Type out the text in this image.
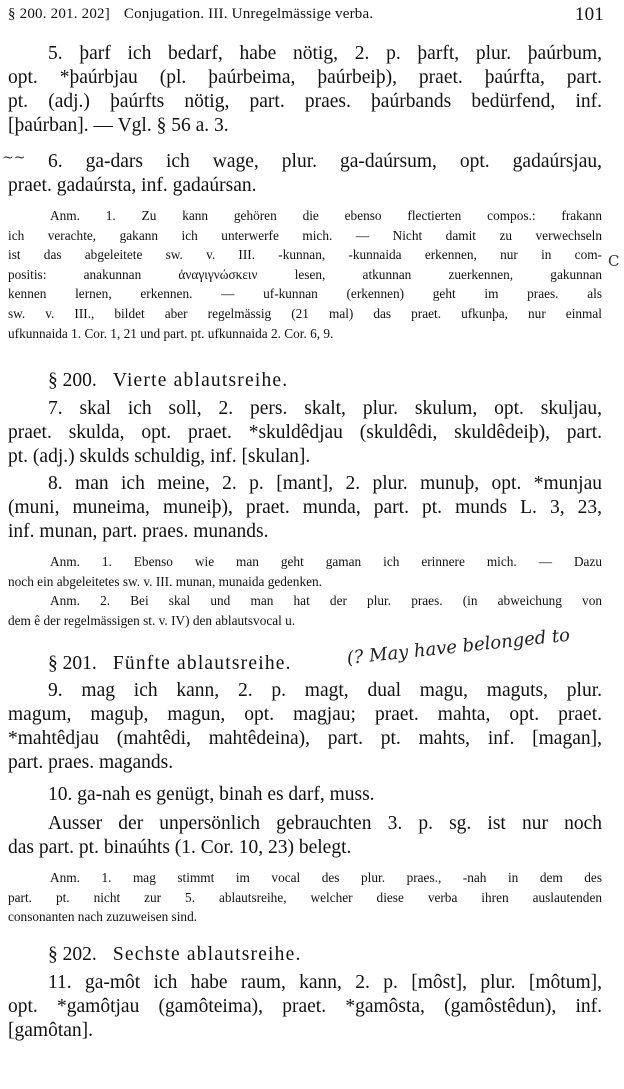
§ 200. 201. 202] Conjugation. III. Unregelmässige verba.	101
5. þarf ich bedarf, habe nötig, 2. p. þarft, plur. þaúrbum,
opt. *þaúrbjau (pl. þaúrbeima, þaúrbeiþ), praet. þaúrfta, part.
pt. (adj.) þaúrfts nötig, part. praes. þaúrbands bedürfend, inf.
[þaúrban]. — Vgl. § 56 a. 3.
6. ga-dars ich wage, plur. ga-daúrsum, opt. gadaúrsjau,
praet. gadaúrsta, inf. gadaúrsan.
~~
Anm. 1. Zu kann gehören die ebenso flectierten compos.: frakann
ich verachte, gakann ich unterwerfe mich. — Nicht damit zu verwechseln
ist das abgeleitete sw. v. III. -kunnan, -kunnaida erkennen, nur in com-
positis: anakunnan ἀναγιγνώσκειν lesen, atkunnan zuerkennen, gakunnan
kennen lernen, erkennen. — uf-kunnan (erkennen) geht im praes. als
sw. v. III., bildet aber regelmässig (21 mal) das praet. ufkunþa, nur einmal
ufkunnaida 1. Cor. 1, 21 und part. pt. ufkunnaida 2. Cor. 6, 9.
C
§ 200. Vierte ablautsreihe.
7. skal ich soll, 2. pers. skalt, plur. skulum, opt. skuljau,
praet. skulda, opt. praet. *skuldêdjau (skuldêdi, skuldêdeiþ), part.
pt. (adj.) skulds schuldig, inf. [skulan].
8. man ich meine, 2. p. [mant], 2. plur. munuþ, opt. *munjau
(muni, muneima, muneiþ), praet. munda, part. pt. munds L. 3, 23,
inf. munan, part. praes. munands.
Anm. 1. Ebenso wie man geht gaman ich erinnere mich. — Dazu
noch ein abgeleitetes sw. v. III. munan, munaida gedenken.
Anm. 2. Bei skal und man hat der plur. praes. (in abweichung von
dem ê der regelmässigen st. v. IV) den ablautsvocal u.
§ 201. Fünfte ablautsreihe.	(? May have belonged to
9. mag ich kann, 2. p. magt, dual magu, maguts, plur.
magum, maguþ, magun, opt. magjau; praet. mahta, opt. praet.
*mahtêdjau (mahtêdi, mahtêdeina), part. pt. mahts, inf. [magan],
part. praes. magands.
10. ga-nah es genügt, binah es darf, muss.
Ausser der unpersönlich gebrauchten 3. p. sg. ist nur noch
das part. pt. binaúhts (1. Cor. 10, 23) belegt.
Anm. 1. mag stimmt im vocal des plur. praes., -nah in dem des
part. pt. nicht zur 5. ablautsreihe, welcher diese verba ihren auslautenden
consonanten nach zuzuweisen sind.
§ 202. Sechste ablautsreihe.
11. ga-môt ich habe raum, kann, 2. p. [môst], plur. [môtum],
opt. *gamôtjau (gamôteima), praet. *gamôsta, (gamôstêdun), inf.
[gamôtan].
